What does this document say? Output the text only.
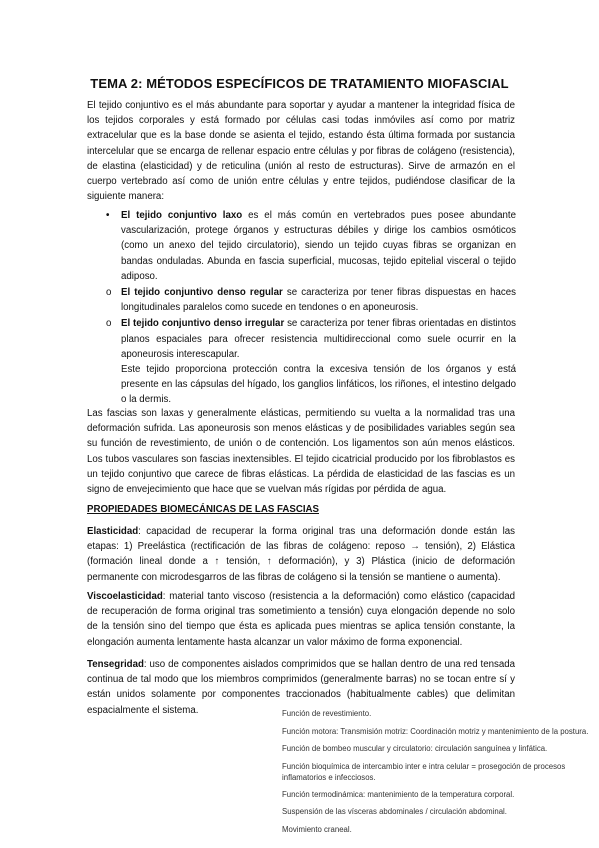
TEMA 2: MÉTODOS ESPECÍFICOS DE TRATAMIENTO MIOFASCIAL

El tejido conjuntivo es el más abundante para soportar y ayudar a mantener la integridad física de los tejidos corporales y está formado por células casi todas inmóviles así como por matriz extracelular que es la base donde se asienta el tejido, estando ésta última formada por sustancia intercelular que se encarga de rellenar espacio entre células y por fibras de colágeno (resistencia), de elastina (elasticidad) y de reticulina (unión al resto de estructuras). Sirve de armazón en el cuerpo vertebrado así como de unión entre células y entre tejidos, pudiéndose clasificar de la siguiente manera:

• El tejido conjuntivo laxo es el más común en vertebrados pues posee abundante vascularización, protege órganos y estructuras débiles y dirige los cambios osmóticos (como un anexo del tejido circulatorio), siendo un tejido cuyas fibras se organizan en bandas onduladas. Abunda en fascia superficial, mucosas, tejido epitelial visceral o tejido adiposo.
o El tejido conjuntivo denso regular se caracteriza por tener fibras dispuestas en haces longitudinales paralelos como sucede en tendones o en aponeurosis.
o El tejido conjuntivo denso irregular se caracteriza por tener fibras orientadas en distintos planos espaciales para ofrecer resistencia multidireccional como suele ocurrir en la aponeurosis interescapular.

Este tejido proporciona protección contra la excesiva tensión de los órganos y está presente en las cápsulas del hígado, los ganglios linfáticos, los riñones, el intestino delgado o la dermis.

Las fascias son laxas y generalmente elásticas, permitiendo su vuelta a la normalidad tras una deformación sufrida. Las aponeurosis son menos elásticas y de posibilidades variables según sea su función de revestimiento, de unión o de contención. Los ligamentos son aún menos elásticos. Los tubos vasculares son fascias inextensibles. El tejido cicatricial producido por los fibroblastos es un tejido conjuntivo que carece de fibras elásticas. La pérdida de elasticidad de las fascias es un signo de envejecimiento que hace que se vuelvan más rígidas por pérdida de agua.

PROPIEDADES BIOMECÁNICAS DE LAS FASCIAS

Elasticidad: capacidad de recuperar la forma original tras una deformación donde están las etapas: 1) Preelástica (rectificación de las fibras de colágeno: reposo → tensión), 2) Elástica (formación lineal donde a ↑ tensión, ↑ deformación), y 3) Plástica (inicio de deformación permanente con microdesgarros de las fibras de colágeno si la tensión se mantiene o aumenta).

Viscoelasticidad: material tanto viscoso (resistencia a la deformación) como elástico (capacidad de recuperación de forma original tras sometimiento a tensión) cuya elongación depende no solo de la tensión sino del tiempo que ésta es aplicada pues mientras se aplica tensión constante, la elongación aumenta lentamente hasta alcanzar un valor máximo de forma exponencial.

Tensegridad: uso de componentes aislados comprimidos que se hallan dentro de una red tensada continua de tal modo que los miembros comprimidos (generalmente barras) no se tocan entre sí y están unidos solamente por componentes traccionados (habitualmente cables) que delimitan espacialmente el sistema.	Función de revestimiento.
Función motora: Transmisión motriz: Coordinación motriz y mantenimiento de la postura.
Función de bombeo muscular y circulatorio: circulación sanguínea y linfática.
Función bioquímica de intercambio inter e intra celular = prosegoción de procesos inflamatorios e infecciosos.
Función termodinámica: mantenimiento de la temperatura corporal.
Suspensión de las vísceras abdominales / circulación abdominal.
Movimiento craneal.
